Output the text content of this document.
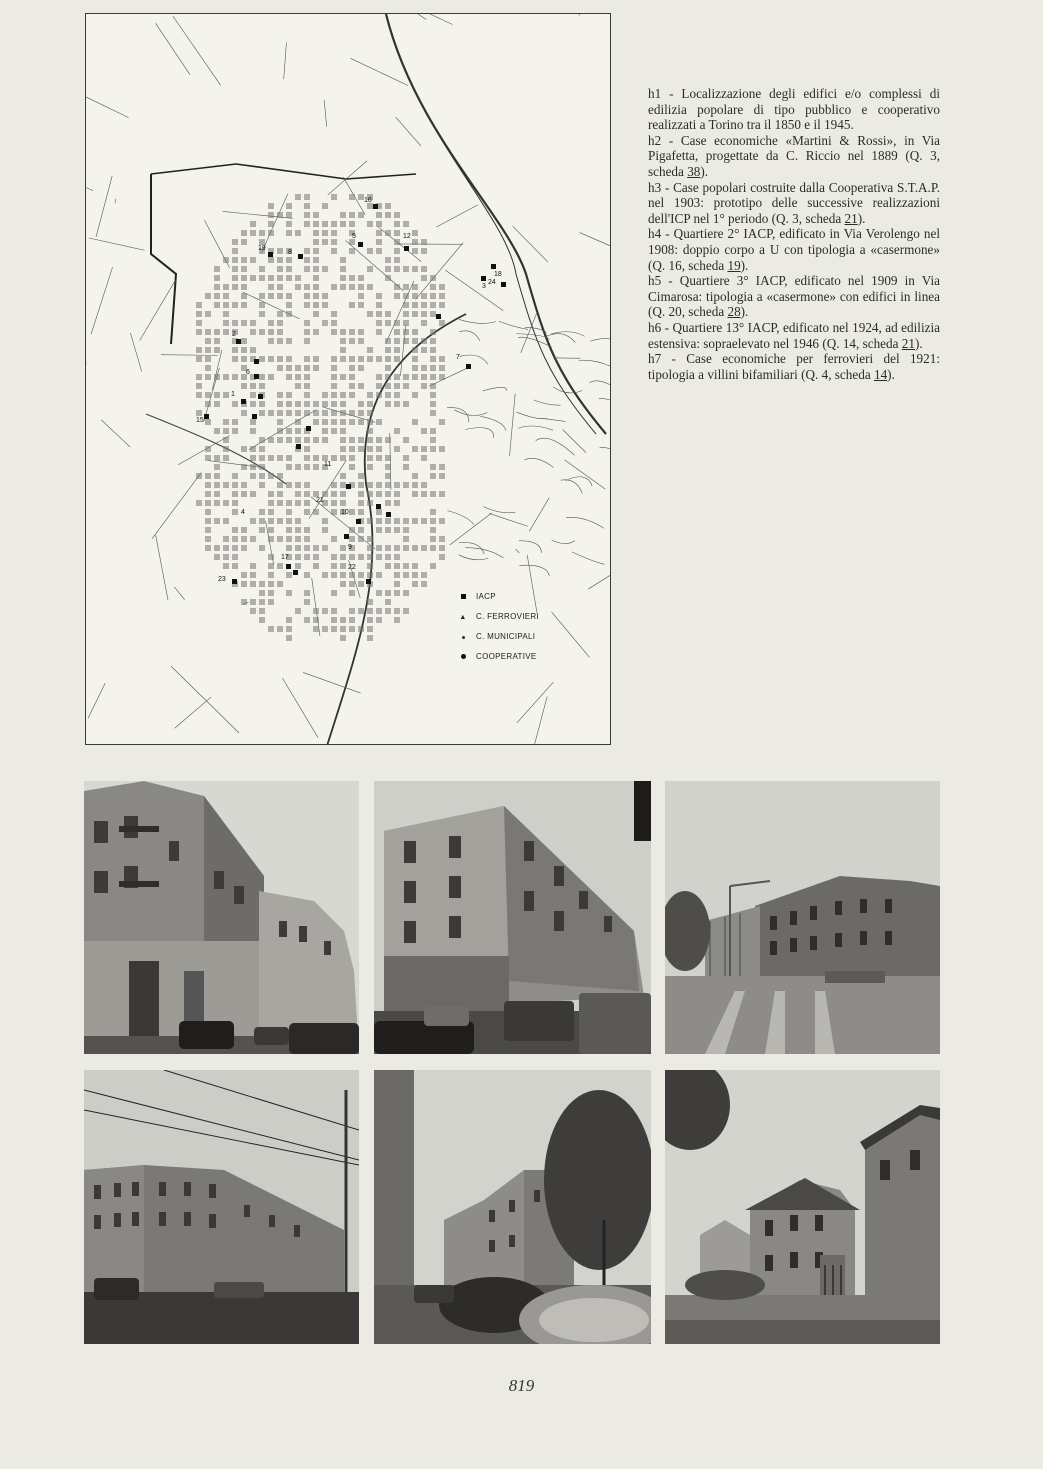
16
19
8
5	12
18
3
24
2
7
11
1
15
4
21
10
17
9
22
23
6
IACP
▲
C. FERROVIERI
C. MUNICIPALI
COOPERATIVE

h1 - Localizzazione degli edifici e/o complessi di edilizia popolare di tipo pubblico e cooperativo realizzati a Torino tra il 1850 e il 1945.

h2 - Case economiche «Martini & Rossi», in Via Pigafetta, progettate da C. Riccio nel 1889 (Q. 3, scheda 38).

h3 - Case popolari costruite dalla Cooperativa S.T.A.P. nel 1903: prototipo delle successive realizzazioni dell'ICP nel 1° periodo (Q. 3, scheda 21).

h4 - Quartiere 2° IACP, edificato in Via Verolengo nel 1908: doppio corpo a U con tipologia a «casermone» (Q. 16, scheda 19).

h5 - Quartiere 3° IACP, edificato nel 1909 in Via Cimarosa: tipologia a «casermone» con edifici in linea (Q. 20, scheda 28).

h6 - Quartiere 13° IACP, edificato nel 1924, ad edilizia estensiva: sopraelevato nel 1946 (Q. 14, scheda 21).

h7 - Case economiche per ferrovieri del 1921: tipologia a villini bifamiliari (Q. 4, scheda 14).

819
